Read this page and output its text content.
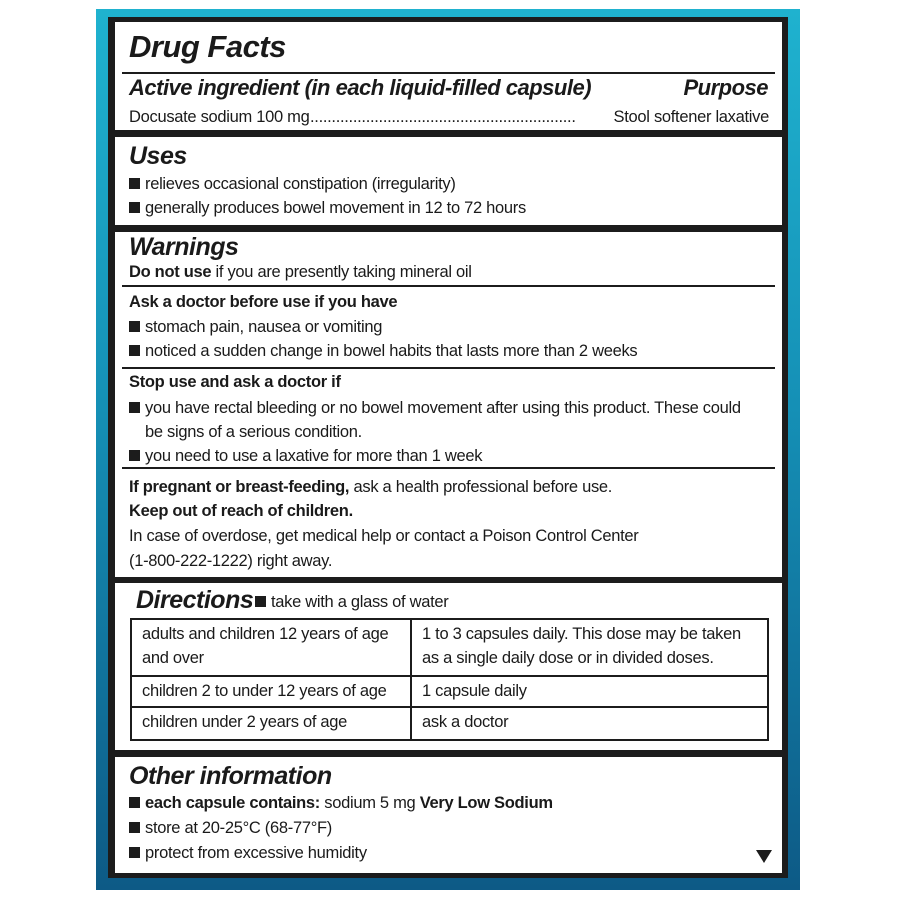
Drug Facts
Active ingredient (in each liquid-filled capsule)	Purpose
Docusate sodium 100 mg ..............................................................	Stool softener laxative
Uses
relieves occasional constipation (irregularity)
generally produces bowel movement in 12 to 72 hours
Warnings
Do not use if you are presently taking mineral oil
Ask a doctor before use if you have
stomach pain, nausea or vomiting
noticed a sudden change in bowel habits that lasts more than 2 weeks
Stop use and ask a doctor if
you have rectal bleeding or no bowel movement after using this product. These could
be signs of a serious condition.
you need to use a laxative for more than 1 week
If pregnant or breast-feeding, ask a health professional before use.
Keep out of reach of children.
In case of overdose, get medical help or contact a Poison Control Center
(1-800-222-1222) right away.
Directions	take with a glass of water
adults and children 12 years of age and over	1 to 3 capsules daily. This dose may be taken as a single daily dose or in divided doses.
children 2 to under 12 years of age	1 capsule daily
children under 2 years of age	ask a doctor
Other information
each capsule contains: sodium 5 mg Very Low Sodium
store at 20-25°C (68-77°F)
protect from excessive humidity
